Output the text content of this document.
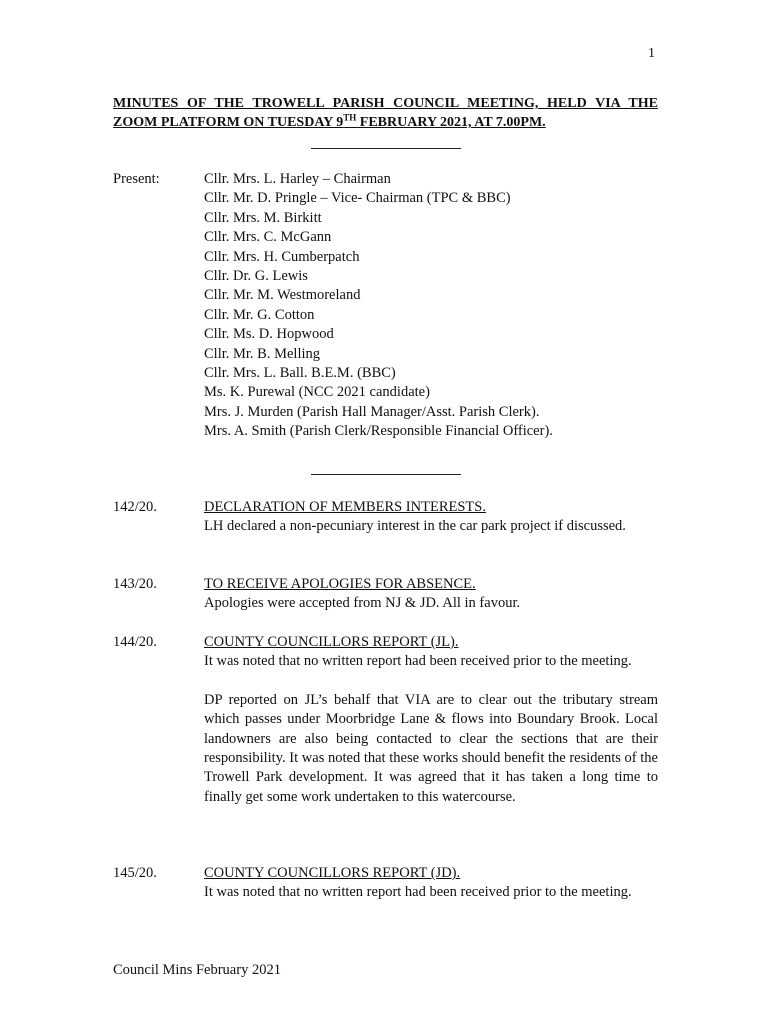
1
MINUTES OF THE TROWELL PARISH COUNCIL MEETING, HELD VIA THE ZOOM PLATFORM ON TUESDAY 9TH FEBRUARY 2021, AT 7.00PM.
Present:	Cllr. Mrs. L. Harley – Chairman
Cllr. Mr. D. Pringle – Vice- Chairman (TPC & BBC)
Cllr. Mrs. M. Birkitt
Cllr. Mrs. C. McGann
Cllr. Mrs. H. Cumberpatch
Cllr. Dr. G. Lewis
Cllr. Mr. M. Westmoreland
Cllr. Mr. G. Cotton
Cllr. Ms. D. Hopwood
Cllr. Mr. B. Melling
Cllr. Mrs. L. Ball. B.E.M. (BBC)
Ms. K. Purewal (NCC 2021 candidate)
Mrs. J. Murden (Parish Hall Manager/Asst. Parish Clerk).
Mrs. A. Smith (Parish Clerk/Responsible Financial Officer).
142/20.	DECLARATION OF MEMBERS INTERESTS.

LH declared a non-pecuniary interest in the car park project if discussed.

143/20.	TO RECEIVE APOLOGIES FOR ABSENCE.

Apologies were accepted from NJ & JD. All in favour.

144/20.	COUNTY COUNCILLORS REPORT (JL).

It was noted that no written report had been received prior to the meeting.

DP reported on JL’s behalf that VIA are to clear out the tributary stream which passes under Moorbridge Lane & flows into Boundary Brook. Local landowners are also being contacted to clear the sections that are their responsibility. It was noted that these works should benefit the residents of the Trowell Park development. It was agreed that it has taken a long time to finally get some work undertaken to this watercourse.

145/20.	COUNTY COUNCILLORS REPORT (JD).

It was noted that no written report had been received prior to the meeting.

Council Mins February 2021
